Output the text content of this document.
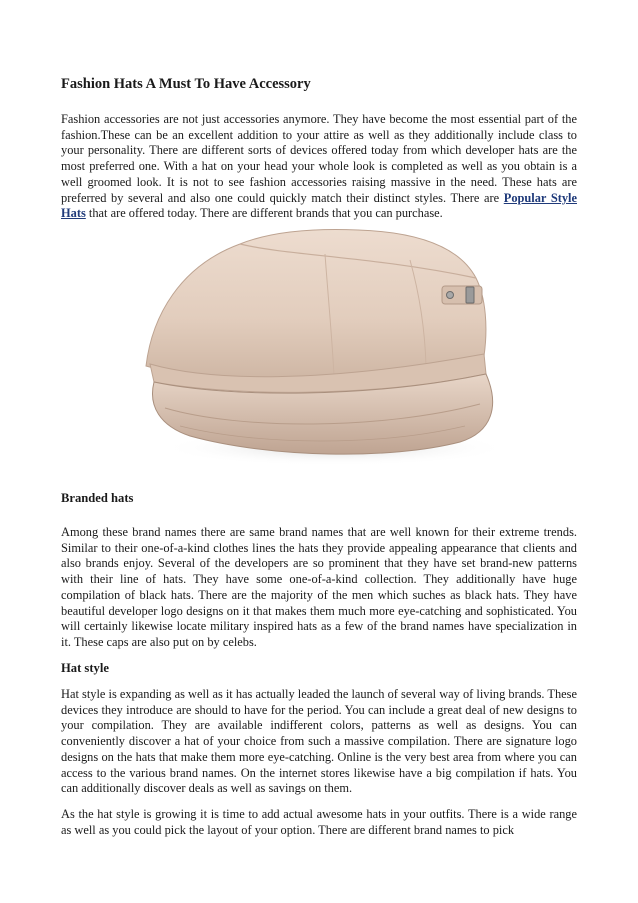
Fashion Hats A Must To Have Accessory

Fashion accessories are not just accessories anymore. They have become the most essential part of the fashion.These can be an excellent addition to your attire as well as they additionally include class to your personality. There are different sorts of devices offered today from which developer hats are the most preferred one. With a hat on your head your whole look is completed as well as you obtain is a well groomed look. It is not to see fashion accessories raising massive in the need. These hats are preferred by several and also one could quickly match their distinct styles. There are Popular Style Hats that are offered today. There are different brands that you can purchase.

Branded hats

Among these brand names there are same brand names that are well known for their extreme trends. Similar to their one-of-a-kind clothes lines the hats they provide appealing appearance that clients and also brands enjoy. Several of the developers are so prominent that they have set brand-new patterns with their line of hats. They have some one-of-a-kind collection. They additionally have huge compilation of black hats. There are the majority of the men which suches as black hats. They have beautiful developer logo designs on it that makes them much more eye-catching and sophisticated. You will certainly likewise locate military inspired hats as a few of the brand names have specialization in it. These caps are also put on by celebs.

Hat style

Hat style is expanding as well as it has actually leaded the launch of several way of living brands. These devices they introduce are should to have for the period. You can include a great deal of new designs to your compilation. They are available indifferent colors, patterns as well as designs. You can conveniently discover a hat of your choice from such a massive compilation. There are signature logo designs on the hats that make them more eye-catching. Online is the very best area from where you can access to the various brand names. On the internet stores likewise have a big compilation if hats. You can additionally discover deals as well as savings on them.

As the hat style is growing it is time to add actual awesome hats in your outfits. There is a wide range as well as you could pick the layout of your option. There are different brand names to pick
